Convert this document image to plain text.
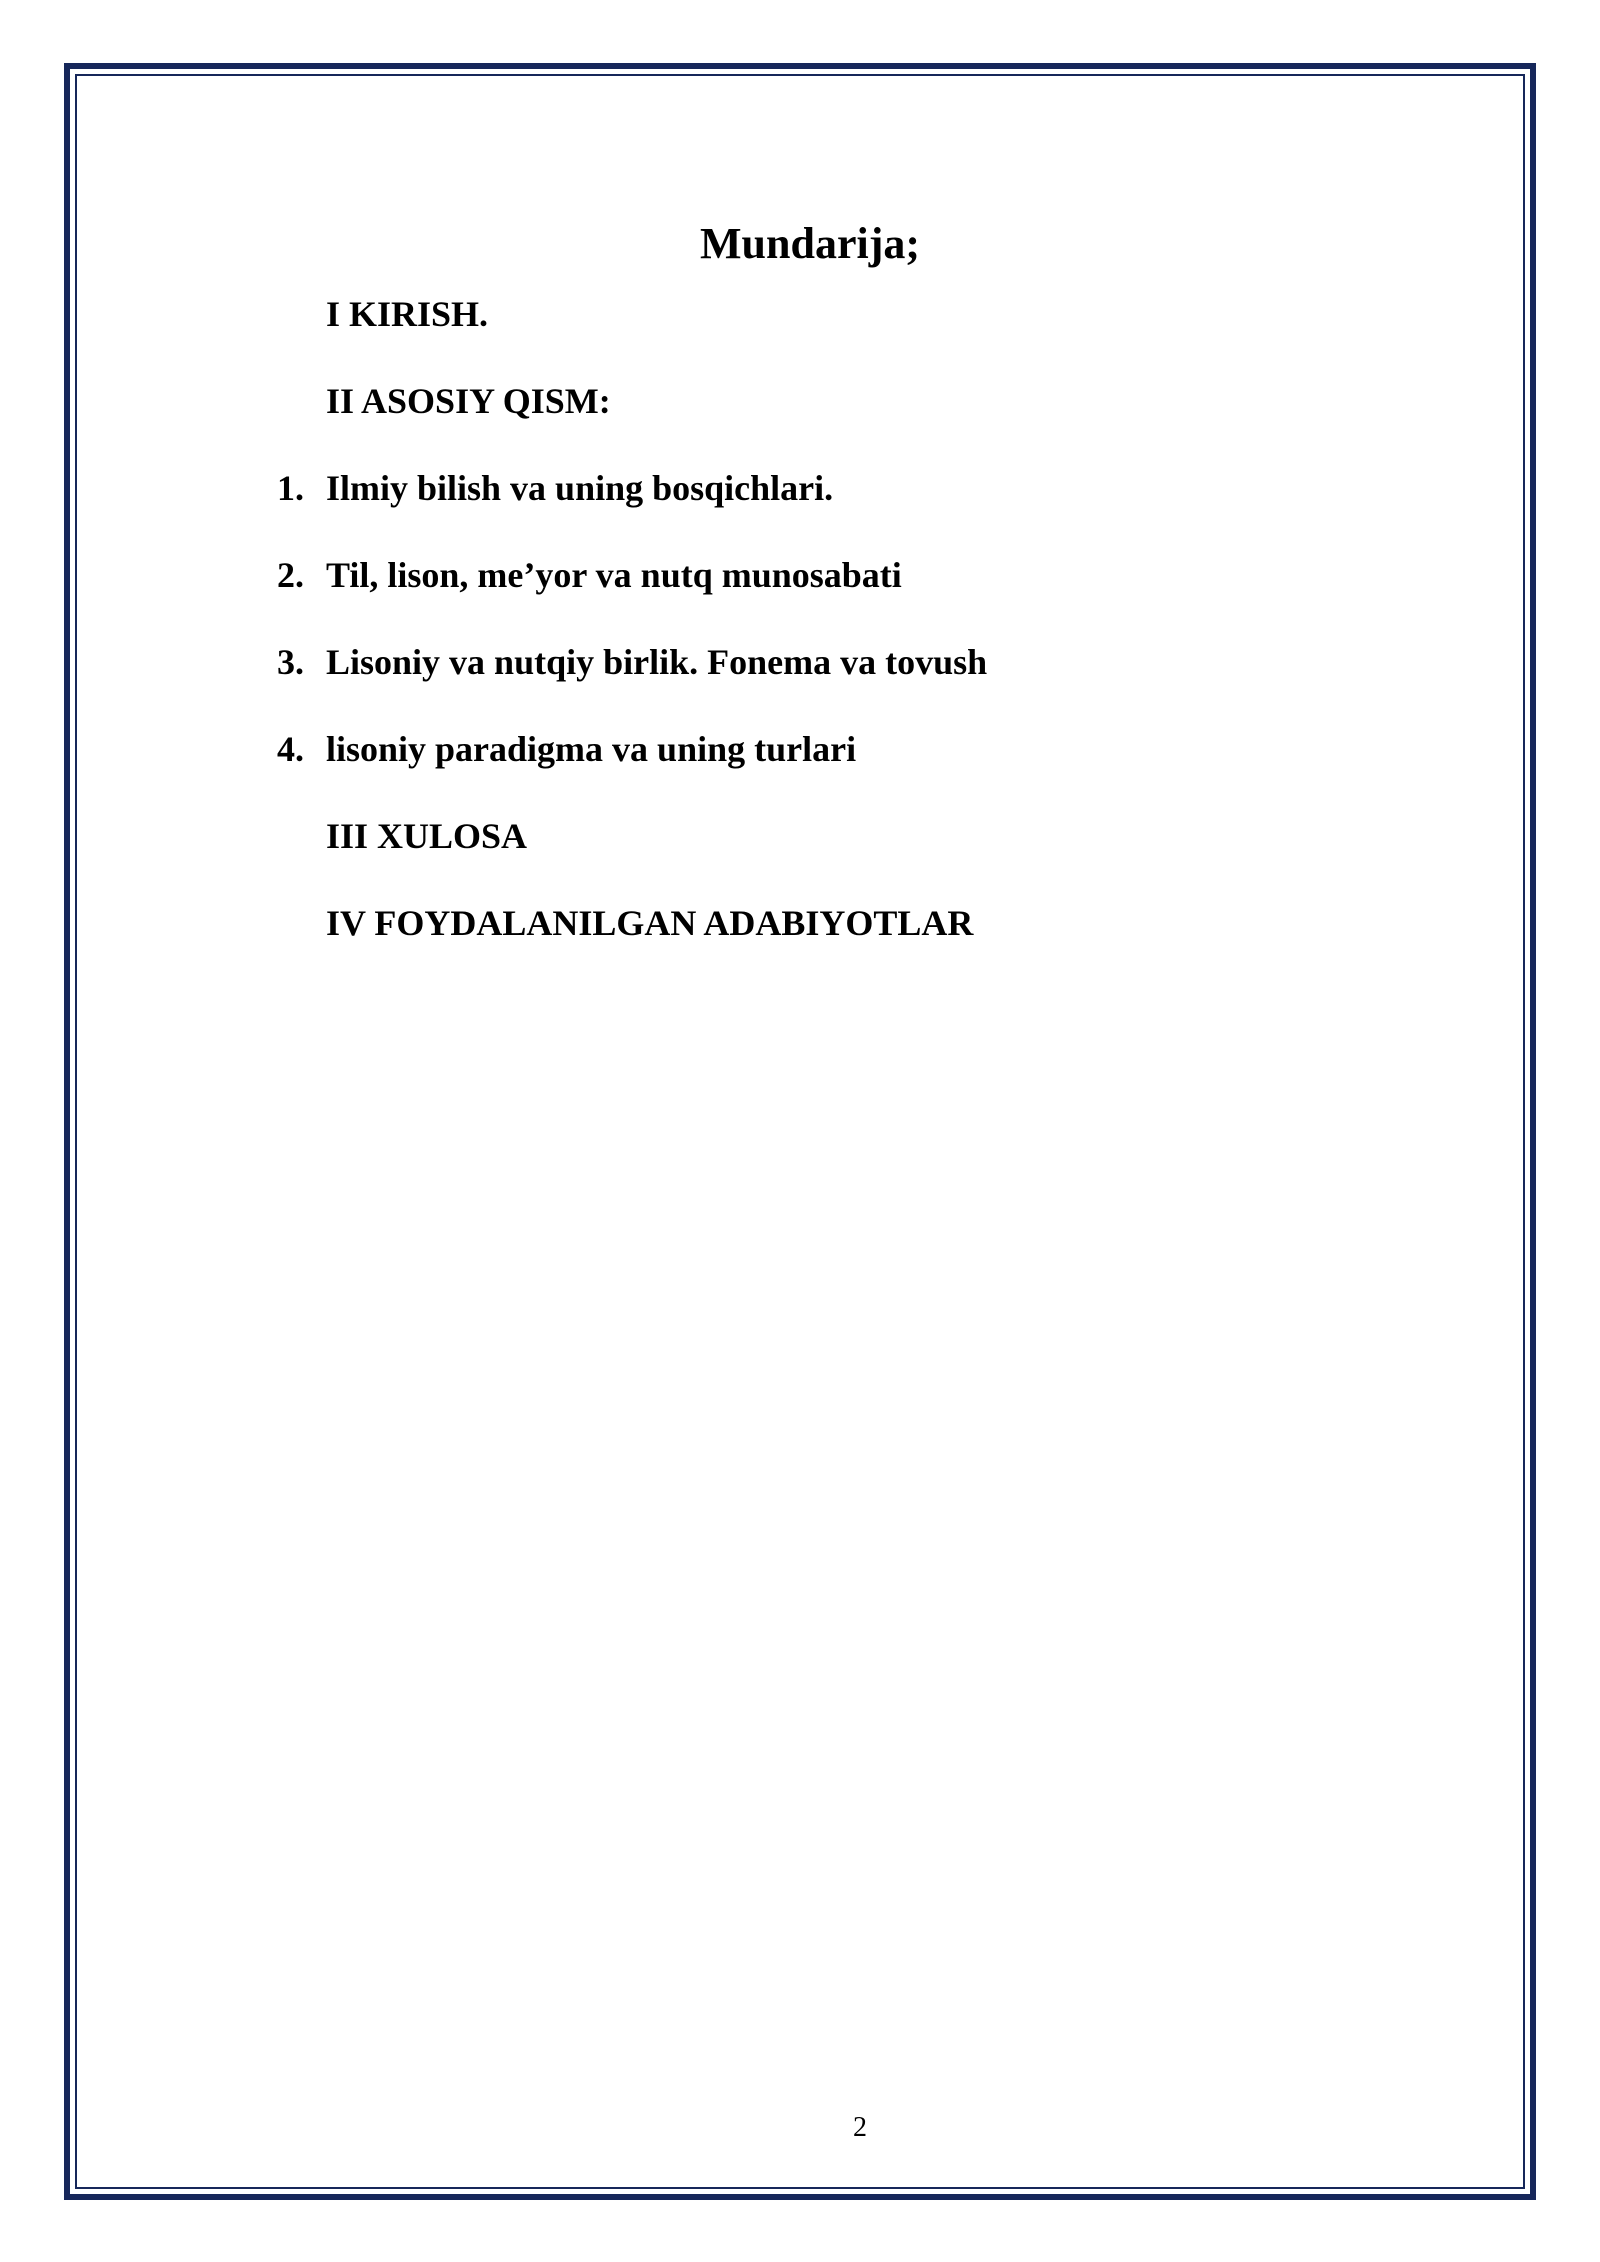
Mundarija;
I KIRISH.
II ASOSIY QISM:
1. Ilmiy bilish va uning bosqichlari.
2. Til, lison, me’yor va nutq munosabati
3. Lisoniy va nutqiy birlik. Fonema va tovush
4. lisoniy paradigma va uning turlari
III XULOSA
IV FOYDALANILGAN ADABIYOTLAR
2
